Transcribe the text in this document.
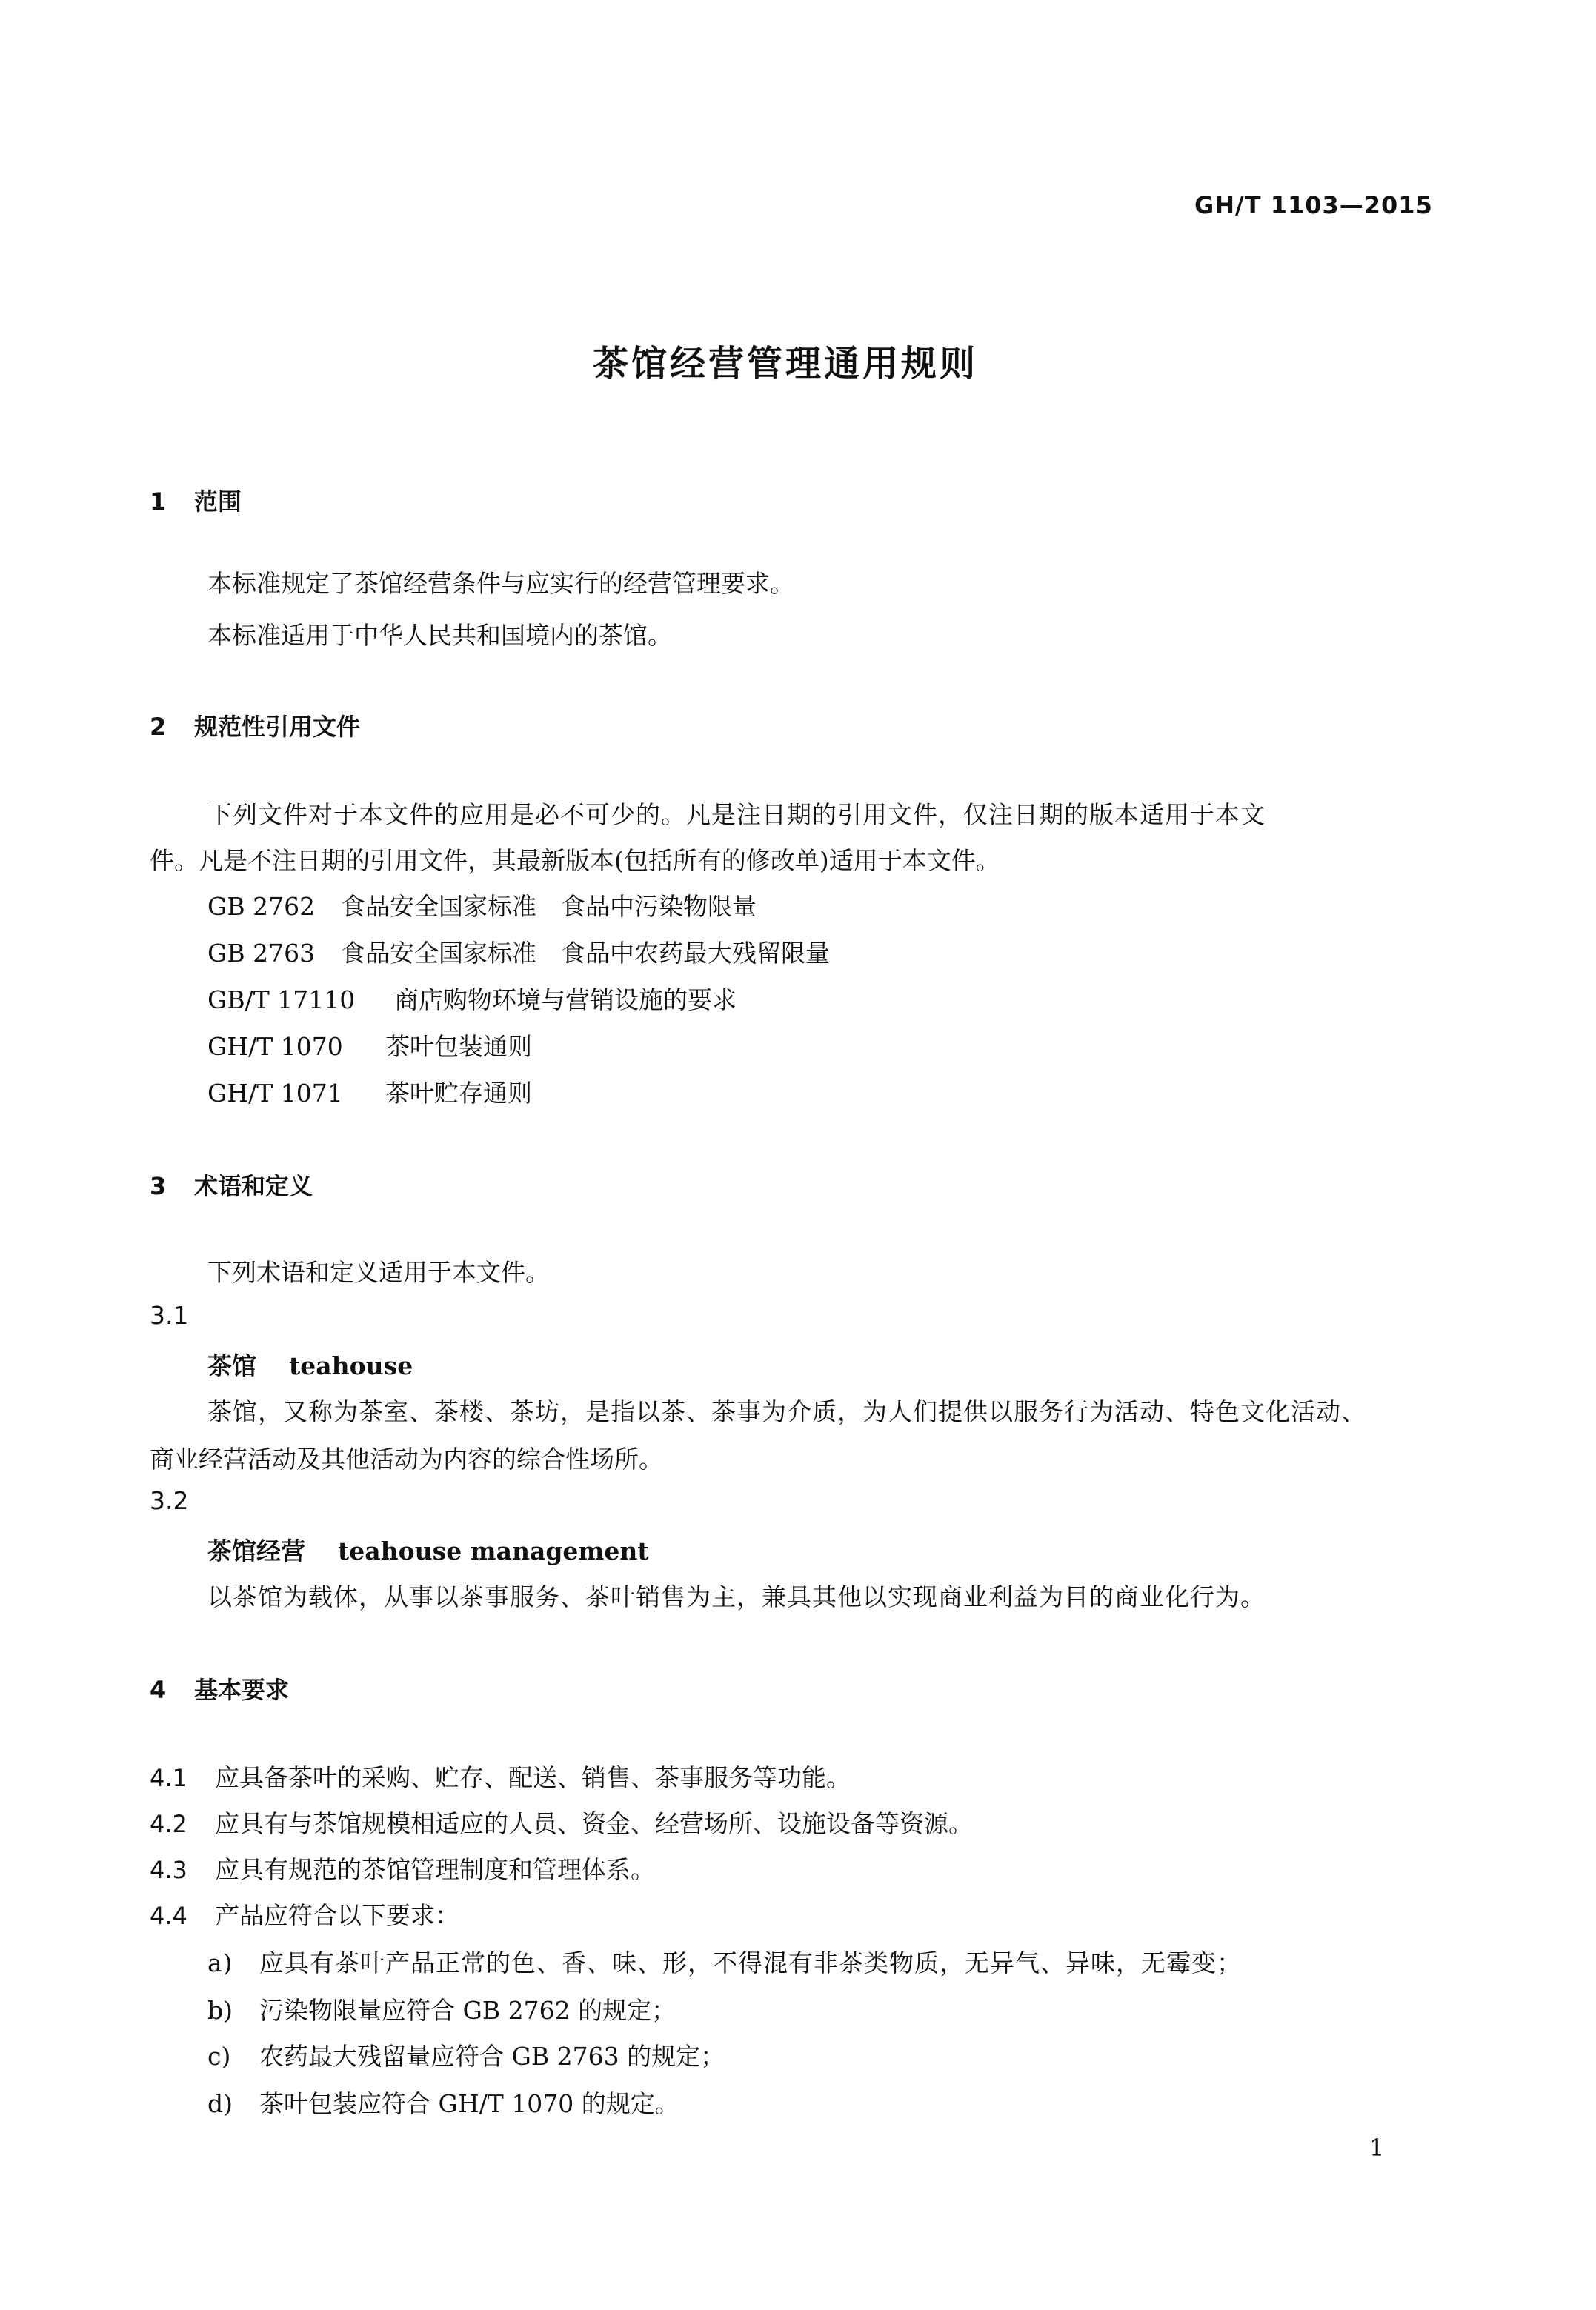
GH/T 1103—2015
茶馆经营管理通用规则
1 范围
本标准规定了茶馆经营条件与应实行的经营管理要求。
本标准适用于中华人民共和国境内的茶馆。
2 规范性引用文件
下列文件对于本文件的应用是必不可少的。凡是注日期的引用文件，仅注日期的版本适用于本文
件。凡是不注日期的引用文件，其最新版本(包括所有的修改单)适用于本文件。
GB 2762 食品安全国家标准　食品中污染物限量
GB 2763 食品安全国家标准　食品中农药最大残留限量
GB/T 17110 商店购物环境与营销设施的要求
GH/T 1070 茶叶包装通则
GH/T 1071 茶叶贮存通则
3 术语和定义
下列术语和定义适用于本文件。
3.1
茶馆 teahouse
茶馆，又称为茶室、茶楼、茶坊，是指以茶、茶事为介质，为人们提供以服务行为活动、特色文化活动、
商业经营活动及其他活动为内容的综合性场所。
3.2
茶馆经营 teahouse management
以茶馆为载体，从事以茶事服务、茶叶销售为主，兼具其他以实现商业利益为目的商业化行为。
4 基本要求
4.1 应具备茶叶的采购、贮存、配送、销售、茶事服务等功能。
4.2 应具有与茶馆规模相适应的人员、资金、经营场所、设施设备等资源。
4.3 应具有规范的茶馆管理制度和管理体系。
4.4 产品应符合以下要求：
a) 应具有茶叶产品正常的色、香、味、形，不得混有非茶类物质，无异气、异味，无霉变；
b) 污染物限量应符合 GB 2762 的规定；
c) 农药最大残留量应符合 GB 2763 的规定；
d) 茶叶包装应符合 GH/T 1070 的规定。
1
